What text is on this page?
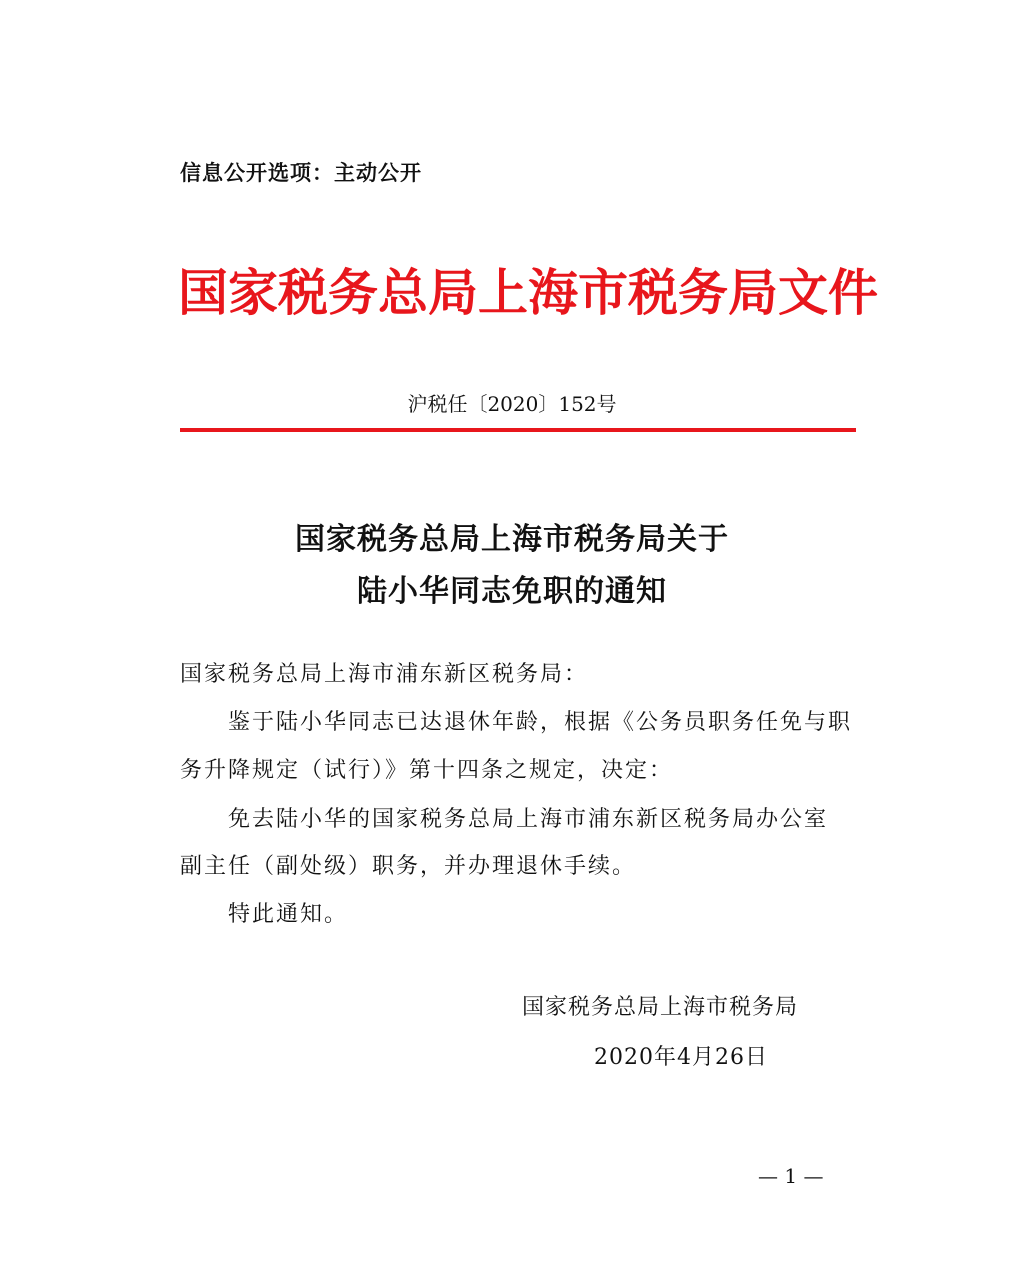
信息公开选项：主动公开
国家税务总局上海市税务局文件
沪税任〔2020〕152号
国家税务总局上海市税务局关于
陆小华同志免职的通知
国家税务总局上海市浦东新区税务局：
鉴于陆小华同志已达退休年龄，根据《公务员职务任免与职
务升降规定（试行）》第十四条之规定，决定：
免去陆小华的国家税务总局上海市浦东新区税务局办公室
副主任（副处级）职务，并办理退休手续。
特此通知。
国家税务总局上海市税务局
2020年4月26日
— 1 —
